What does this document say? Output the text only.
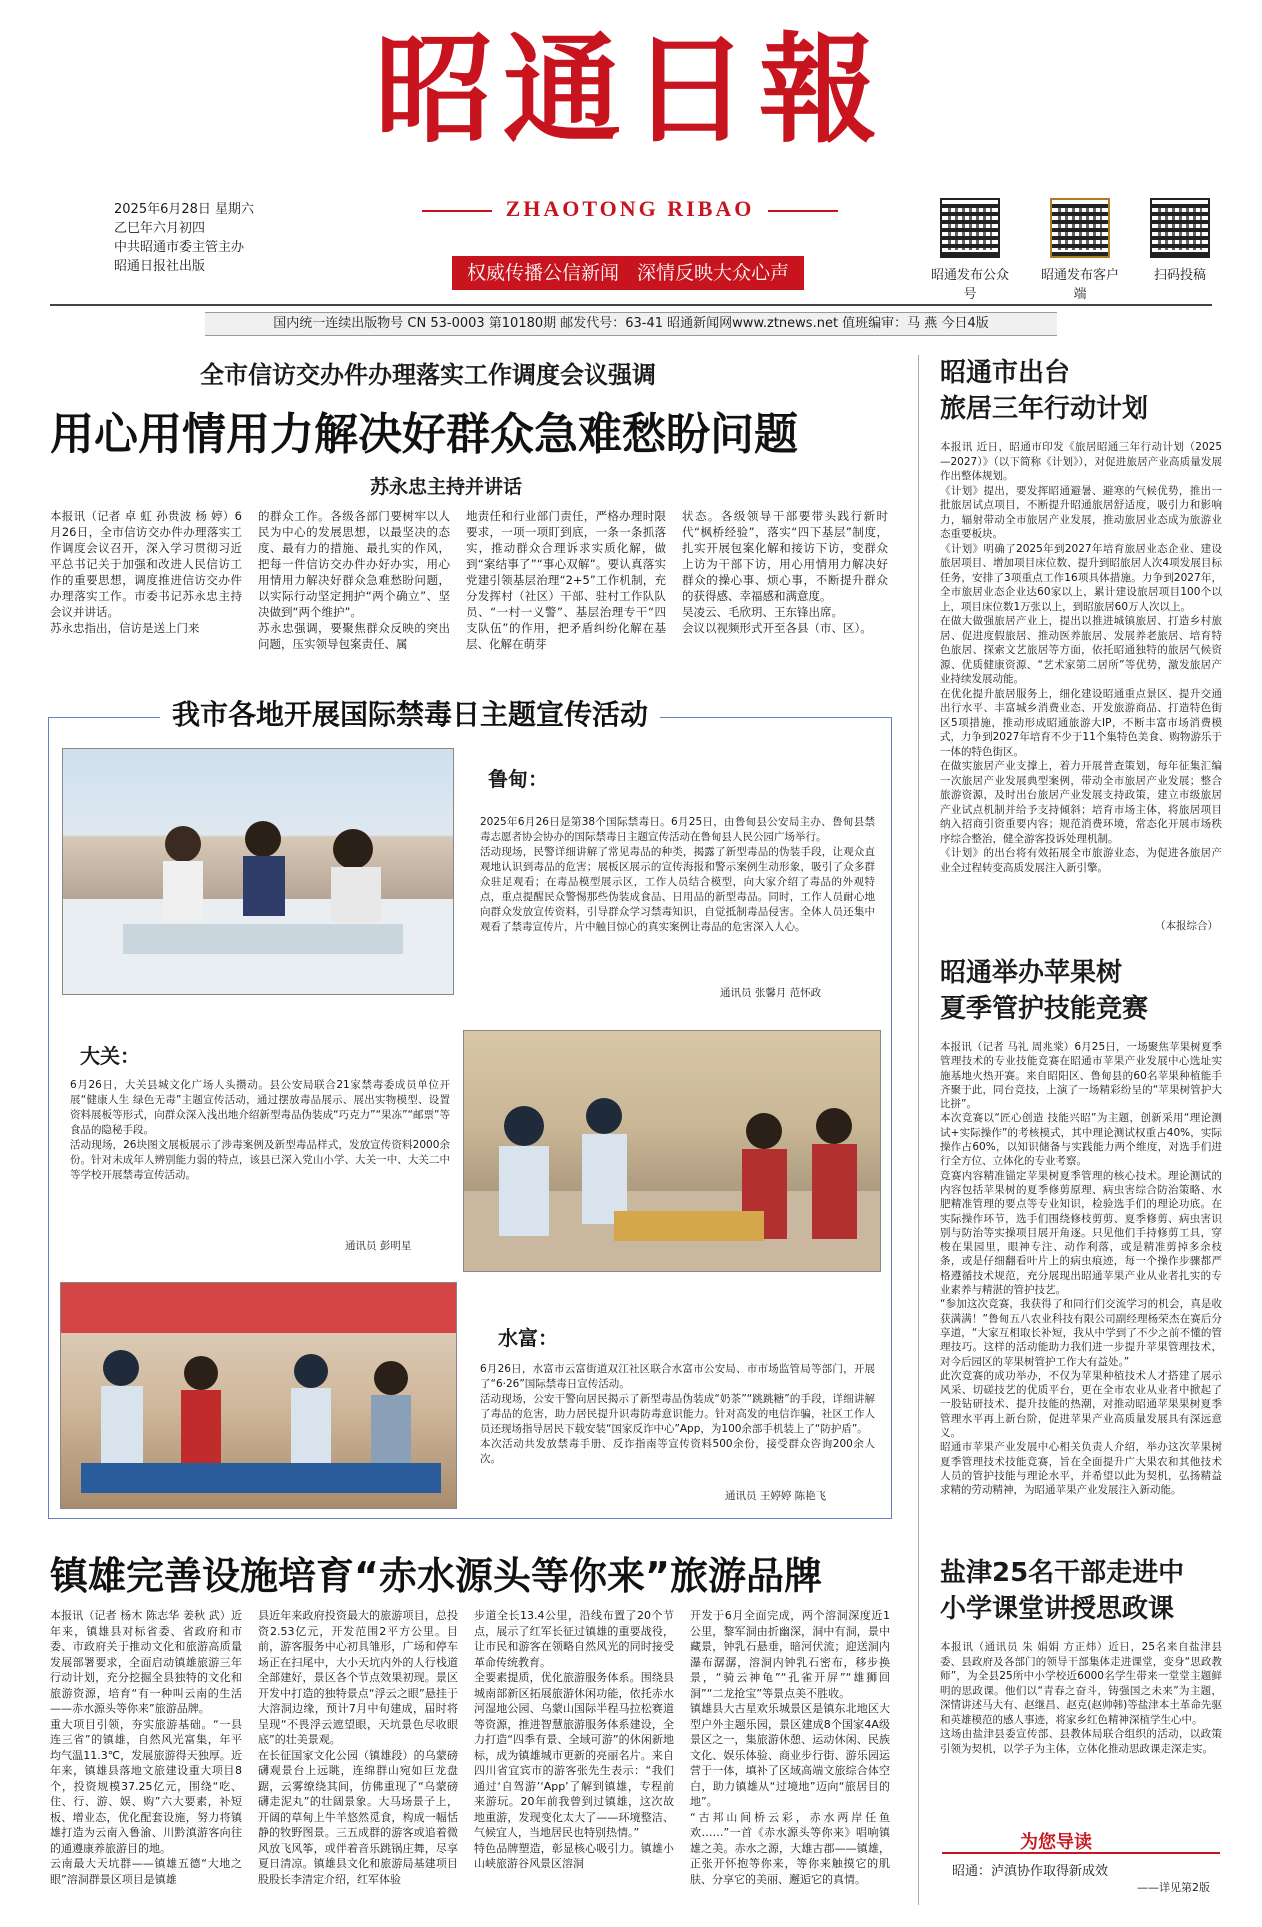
昭通日報
ZHAOTONG RIBAO
权威传播公信新闻 深情反映大众心声
2025年6月28日 星期六
乙巳年六月初四
中共昭通市委主管主办
昭通日报社出版
昭通发布公众号
昭通发布客户端
扫码投稿
国内统一连续出版物号 CN 53-0003 第10180期 邮发代号：63-41 昭通新闻网www.ztnews.net 值班编审：马 燕 今日4版
全市信访交办件办理落实工作调度会议强调
用心用情用力解决好群众急难愁盼问题
苏永忠主持并讲话
本报讯（记者 卓 虹 孙贵波 杨 婷）6月26日，全市信访交办件办理落实工作调度会议召开，深入学习贯彻习近平总书记关于加强和改进人民信访工作的重要思想，调度推进信访交办件办理落实工作。市委书记苏永忠主持会议并讲话。
苏永忠指出，信访是送上门来
的群众工作。各级各部门要树牢以人民为中心的发展思想，以最坚决的态度、最有力的措施、最扎实的作风，把每一件信访交办件办好办实，用心用情用力解决好群众急难愁盼问题，以实际行动坚定拥护“两个确立”、坚决做到“两个维护”。
苏永忠强调，要聚焦群众反映的突出问题，压实领导包案责任、属
地责任和行业部门责任，严格办理时限要求，一项一项盯到底，一条一条抓落实，推动群众合理诉求实质化解，做到“案结事了”“事心双解”。要认真落实党建引领基层治理“2+5”工作机制，充分发挥村（社区）干部、驻村工作队队员、“一村一义警”、基层治理专干“四支队伍”的作用，把矛盾纠纷化解在基层、化解在萌芽
状态。各级领导干部要带头践行新时代“枫桥经验”，落实“四下基层”制度，扎实开展包案化解和接访下访，变群众上访为干部下访，用心用情用力解决好群众的操心事、烦心事，不断提升群众的获得感、幸福感和满意度。
吴凌云、毛欣玥、王东锋出席。
会议以视频形式开至各县（市、区）。
我市各地开展国际禁毒日主题宣传活动
鲁甸：

2025年6月26日是第38个国际禁毒日。6月25日，由鲁甸县公安局主办、鲁甸县禁毒志愿者协会协办的国际禁毒日主题宣传活动在鲁甸县人民公园广场举行。
活动现场，民警详细讲解了常见毒品的种类，揭露了新型毒品的伪装手段，让观众直观地认识到毒品的危害；展板区展示的宣传海报和警示案例生动形象，吸引了众多群众驻足观看；在毒品模型展示区，工作人员结合模型，向大家介绍了毒品的外观特点，重点提醒民众警惕那些伪装成食品、日用品的新型毒品。同时，工作人员耐心地向群众发放宣传资料，引导群众学习禁毒知识，自觉抵制毒品侵害。全体人员还集中观看了禁毒宣传片，片中触目惊心的真实案例让毒品的危害深入人心。

通讯员 张馨月 范怀政
大关：
6月26日，大关县城文化广场人头攒动。县公安局联合21家禁毒委成员单位开展“健康人生 绿色无毒”主题宣传活动，通过摆放毒品展示、展出实物模型、设置资料展板等形式，向群众深入浅出地介绍新型毒品伪装成“巧克力”“果冻”“邮票”等食品的隐秘手段。
活动现场，26块图文展板展示了涉毒案例及新型毒品样式，发放宣传资料2000余份。针对未成年人辨别能力弱的特点，该县已深入党山小学、大关一中、大关二中等学校开展禁毒宣传活动。
通讯员 彭明星
水富：
6月26日，水富市云富街道双江社区联合水富市公安局、市市场监管局等部门，开展了“6·26”国际禁毒日宣传活动。
活动现场，公安干警向居民揭示了新型毒品伪装成“奶茶”“跳跳糖”的手段，详细讲解了毒品的危害，助力居民提升识毒防毒意识能力。针对高发的电信诈骗，社区工作人员还现场指导居民下载安装“国家反诈中心”App，为100余部手机装上了“防护盾”。
本次活动共发放禁毒手册、反诈指南等宣传资料500余份，接受群众咨询200余人次。
通讯员 王婷婷 陈艳飞
镇雄完善设施培育“赤水源头等你来”旅游品牌
本报讯（记者 杨木 陈志华 姜秋 武）近年来，镇雄县对标省委、省政府和市委、市政府关于推动文化和旅游高质量发展部署要求，全面启动镇雄旅游三年行动计划，充分挖掘全县独特的文化和旅游资源，培育“有一种叫云南的生活——赤水源头等你来”旅游品牌。
重大项目引领，夯实旅游基础。“一县连三省”的镇雄，自然风光富集，年平均气温11.3℃，发展旅游得天独厚。近年来，镇雄县落地文旅建设重大项目8个，投资规模37.25亿元，围绕“吃、住、行、游、娱、购”六大要素，补短板、增业态，优化配套设施，努力将镇雄打造为云南入鲁渝、川黔滇游客向往的通遵康养旅游目的地。
云南最大天坑群——镇雄五德“大地之眼”溶洞群景区项目是镇雄
县近年来政府投资最大的旅游项目，总投资2.53亿元，开发范围2平方公里。目前，游客服务中心初具雏形，广场和停车场正在扫尾中，大小天坑内外的人行栈道全部建好，景区各个节点效果初现。景区开发中打造的独特景点“浮云之眼”悬挂于大溶洞边缘，预计7月中旬建成，届时将呈现“不畏浮云遮望眼，天坑景色尽收眼底”的壮美景观。
在长征国家文化公园（镇雄段）的乌蒙磅礴观景台上远眺，连绵群山宛如巨龙盘踞，云雾缭绕其间，仿佛重现了“乌蒙磅礴走泥丸”的壮阔景象。大马场景子上，开阔的草甸上牛羊悠然觅食，构成一幅恬静的牧野图景。三五成群的游客或追着微风放飞风筝，或伴着音乐跳锅庄舞，尽享夏日清凉。镇雄县文化和旅游局基建项目股股长李清定介绍，红军体验
步道全长13.4公里，沿线布置了20个节点，展示了红军长征过镇雄的重要战役，让市民和游客在领略自然风光的同时接受革命传统教育。
全要素提质，优化旅游服务体系。围绕县城南部新区拓展旅游休闲功能，依托赤水河湿地公园、乌蒙山国际半程马拉松赛道等资源，推进智慧旅游服务体系建设，全力打造“四季有景、全域可游”的休闲新地标，成为镇雄城市更新的亮丽名片。来自四川省宜宾市的游客张先生表示：“我们通过‘自驾游’‘App’了解到镇雄，专程前来游玩。20年前我曾到过镇雄，这次故地重游，发现变化太大了——环境整洁、气候宜人，当地居民也特别热情。”
特色品牌塑造，彰显核心吸引力。镇雄小山峡旅游谷风景区溶洞
开发于6月全面完成，两个溶洞深度近1公里，黎军洞由折幽深，洞中有洞，景中藏景，钟乳石悬垂，暗河伏流；迎送洞内瀑布潺潺，溶洞内钟乳石密布，移步换景，“骑云神龟”“孔雀开屏”“雄狮回洞”“二龙抢宝”等景点美不胜收。
镇雄县大古星欢乐城景区是镇东北地区大型户外主题乐园，景区建成8个国家4A级景区之一，集旅游休憩、运动休闲、民族文化、娱乐体验、商业步行街、游乐园运营于一体，填补了区域高端文旅综合体空白，助力镇雄从“过境地”迈向“旅居目的地”。
“古邦山间桥云彩，赤水两岸任鱼欢……”一首《赤水源头等你来》唱响镇雄之美。赤水之源，大雄古郡——镇雄，正张开怀抱等你来，等你来触摸它的肌肤、分享它的美丽、邂逅它的真情。
昭通市出台
旅居三年行动计划
本报讯 近日，昭通市印发《旅居昭通三年行动计划（2025—2027）》（以下简称《计划》），对促进旅居产业高质量发展作出整体规划。
《计划》提出，要发挥昭通避暑、避寒的气候优势，推出一批旅居试点项目，不断提升昭通旅居舒适度，吸引力和影响力，辐射带动全市旅居产业发展，推动旅居业态成为旅游业态重要板块。
《计划》明确了2025年到2027年培育旅居业态企业、建设旅居项目、增加项目床位数、提升到昭旅居人次4项发展目标任务，安排了3项重点工作16项具体措施。力争到2027年，全市旅居业态企业达60家以上，累计建设旅居项目100个以上，项目床位数1万张以上，到昭旅居60万人次以上。
在做大做强旅居产业上，提出以推进城镇旅居、打造乡村旅居、促进度假旅居、推动医养旅居、发展养老旅居、培育特色旅居、探索文艺旅居等方面，依托昭通独特的旅居气候资源、优质健康资源、“艺术家第二居所”等优势，激发旅居产业持续发展动能。
在优化提升旅居服务上，细化建设昭通重点景区、提升交通出行水平、丰富城乡消费业态、开发旅游商品、打造特色街区5项措施，推动形成昭通旅游大IP，不断丰富市场消费模式，力争到2027年培育不少于11个集特色美食、购物游乐于一体的特色街区。
在做实旅居产业支撑上，着力开展普查策划，每年征集汇编一次旅居产业发展典型案例，带动全市旅居产业发展；整合旅游资源，及时出台旅居产业发展支持政策，建立市级旅居产业试点机制并给予支持倾斜；培育市场主体，将旅居项目纳入招商引资重要内容；规范消费环境，常态化开展市场秩序综合整治，健全游客投诉处理机制。
《计划》的出台将有效拓展全市旅游业态，为促进各旅居产业全过程转变高质发展注入新引擎。
（本报综合）
昭通举办苹果树
夏季管护技能竞赛
本报讯（记者 马礼 周兆棠）6月25日，一场聚焦苹果树夏季管理技术的专业技能竞赛在昭通市苹果产业发展中心选址实施基地火热开赛。来自昭阳区、鲁甸县的60名苹果种植能手齐聚于此，同台竞技，上演了一场精彩纷呈的“苹果树管护大比拼”。
本次竞赛以“匠心创造 技能兴昭”为主题，创新采用“理论测试+实际操作”的考核模式，其中理论测试权重占40%，实际操作占60%，以知识储备与实践能力两个维度，对选手们进行全方位、立体化的专业考察。
竞赛内容精准锚定苹果树夏季管理的核心技术。理论测试的内容包括苹果树的夏季修剪原理、病虫害综合防治策略、水肥精准管理的要点等专业知识，检验选手们的理论功底。在实际操作环节，选手们围绕修枝剪剪、夏季修剪、病虫害识别与防治等实操项目展开角逐。只见他们手持修剪工具，穿梭在果园里，眼神专注、动作利落，或是精准剪掉多余枝条，或是仔细翻看叶片上的病虫痕迹，每一个操作步骤都严格遵循技术规范，充分展现出昭通苹果产业从业者扎实的专业素养与精湛的管护技艺。
“参加这次竞赛，我获得了和同行们交流学习的机会，真是收获满满！”鲁甸五八农业科技有限公司副经理杨荣杰在赛后分享道，“大家互相取长补短，我从中学到了不少之前不懂的管理技巧。这样的活动能助力我们进一步提升苹果管理技术，对今后园区的苹果树管护工作大有益处。”
此次竞赛的成功举办，不仅为苹果种植技术人才搭建了展示风采、切磋技艺的优质平台，更在全市农业从业者中掀起了一股钻研技术、提升技能的热潮，对推动昭通苹果果树夏季管理水平再上新台阶，促进苹果产业高质量发展具有深远意义。
昭通市苹果产业发展中心相关负责人介绍，举办这次苹果树夏季管理技术技能竞赛，旨在全面提升广大果农和其他技术人员的管护技能与理论水平，并希望以此为契机，弘扬精益求精的劳动精神，为昭通苹果产业发展注入新动能。
盐津25名干部走进中
小学课堂讲授思政课
本报讯（通讯员 朱 娟娟 方正炜）近日，25名来自盐津县委、县政府及各部门的领导干部集体走进课堂，变身“思政教师”，为全县25所中小学校近6000名学生带来一堂堂主题鲜明的思政课。他们以“青春之奋斗，铸强国之未来”为主题，深情讲述马大有、赵继昌、赵克(赵帅韩)等盐津本土革命先驱和英雄模范的感人事迹，将家乡红色精神深植学生心中。
这场由盐津县委宣传部、县教体局联合组织的活动，以政策引领为契机，以学子为主体，立体化推动思政课走深走实。
为您导读
昭通：泸滇协作取得新成效
——详见第2版
